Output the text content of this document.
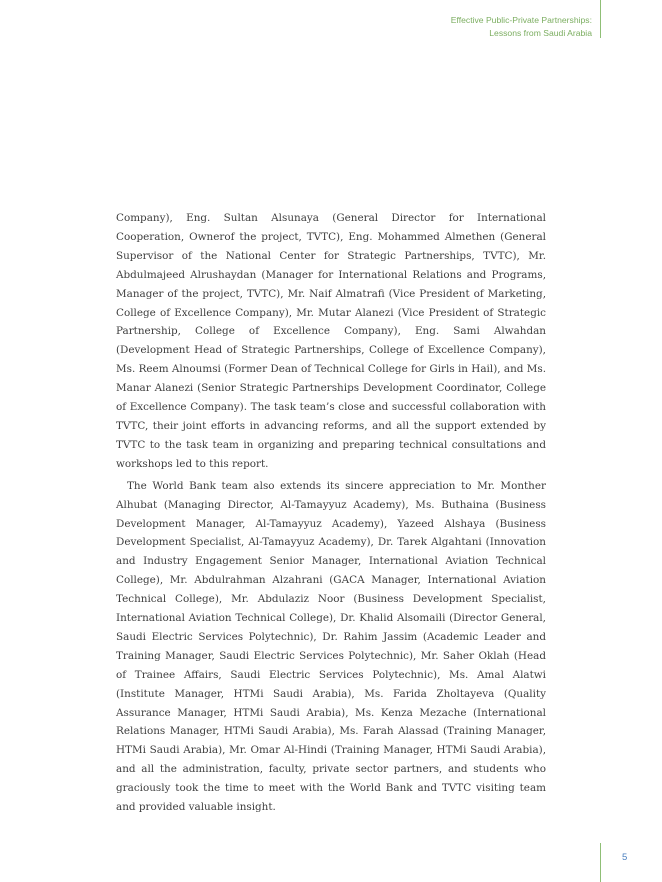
Effective Public-Private Partnerships:
Lessons from Saudi Arabia

Company), Eng. Sultan Alsunaya (General Director for International Cooperation, Ownerof the project, TVTC), Eng. Mohammed Almethen (General Supervisor of the National Center for Strategic Partnerships, TVTC), Mr. Abdulmajeed Alrushaydan (Manager for International Relations and Programs, Manager of the project, TVTC), Mr. Naif Almatrafi (Vice President of Marketing, College of Excellence Company), Mr. Mutar Alanezi (Vice President of Strategic Partnership, College of Excellence Company), Eng. Sami Alwahdan (Development Head of Strategic Partnerships, College of Excellence Company), Ms. Reem Alnoumsi (Former Dean of Technical College for Girls in Hail), and Ms. Manar Alanezi (Senior Strategic Partnerships Development Coordinator, College of Excellence Company). The task team’s close and successful collaboration with TVTC, their joint efforts in advancing reforms, and all the support extended by TVTC to the task team in organizing and preparing technical consultations and workshops led to this report.

The World Bank team also extends its sincere appreciation to Mr. Monther Alhubat (Managing Director, Al-Tamayyuz Academy), Ms. Buthaina (Business Development Manager, Al-Tamayyuz Academy), Yazeed Alshaya (Business Development Specialist, Al-Tamayyuz Academy), Dr. Tarek Algahtani (Innovation and Industry Engagement Senior Manager, International Aviation Technical College), Mr. Abdulrahman Alzahrani (GACA Manager, International Aviation Technical College), Mr. Abdulaziz Noor (Business Development Specialist, International Aviation Technical College), Dr. Khalid Alsomaili (Director General, Saudi Electric Services Polytechnic), Dr. Rahim Jassim (Academic Leader and Training Manager, Saudi Electric Services Polytechnic), Mr. Saher Oklah (Head of Trainee Affairs, Saudi Electric Services Polytechnic), Ms. Amal Alatwi (Institute Manager, HTMi Saudi Arabia), Ms. Farida Zholtayeva (Quality Assurance Manager, HTMi Saudi Arabia), Ms. Kenza Mezache (International Relations Manager, HTMi Saudi Arabia), Ms. Farah Alassad (Training Manager, HTMi Saudi Arabia), Mr. Omar Al-Hindi (Training Manager, HTMi Saudi Arabia), and all the administration, faculty, private sector partners, and students who graciously took the time to meet with the World Bank and TVTC visiting team and provided valuable insight.

5
